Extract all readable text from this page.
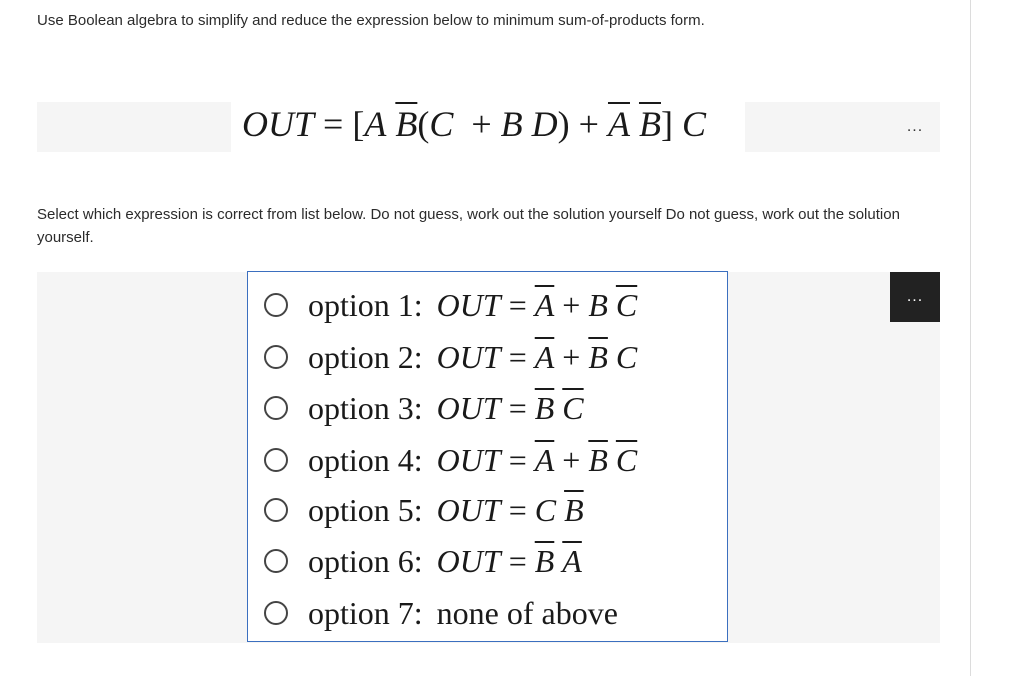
Use Boolean algebra to simplify and reduce the expression below to minimum sum-of-products form.
OUT = [A $\overline{B}(C + B$ $D) + \overline{A}$ $\overline{B}$] C	...
Select which expression is correct from list below. Do not guess, work out the solution yourself Do not guess, work out the solution yourself.
...
option 1: OUT
=
$\overline{A}$
+
B
$\overline{C}$
option 2: OUT
=
$\overline{A}$
+
$\overline{B}$
C
option 3: OUT
=
$\overline{B}$
$\overline{C}$
option 4: OUT
=
$\overline{A}$
+
$\overline{B}$
$\overline{C}$
option 5: OUT
=
C
$\overline{B}$
option 6: OUT
=
$\overline{B}$
$\overline{A}$
option 7: none of above
